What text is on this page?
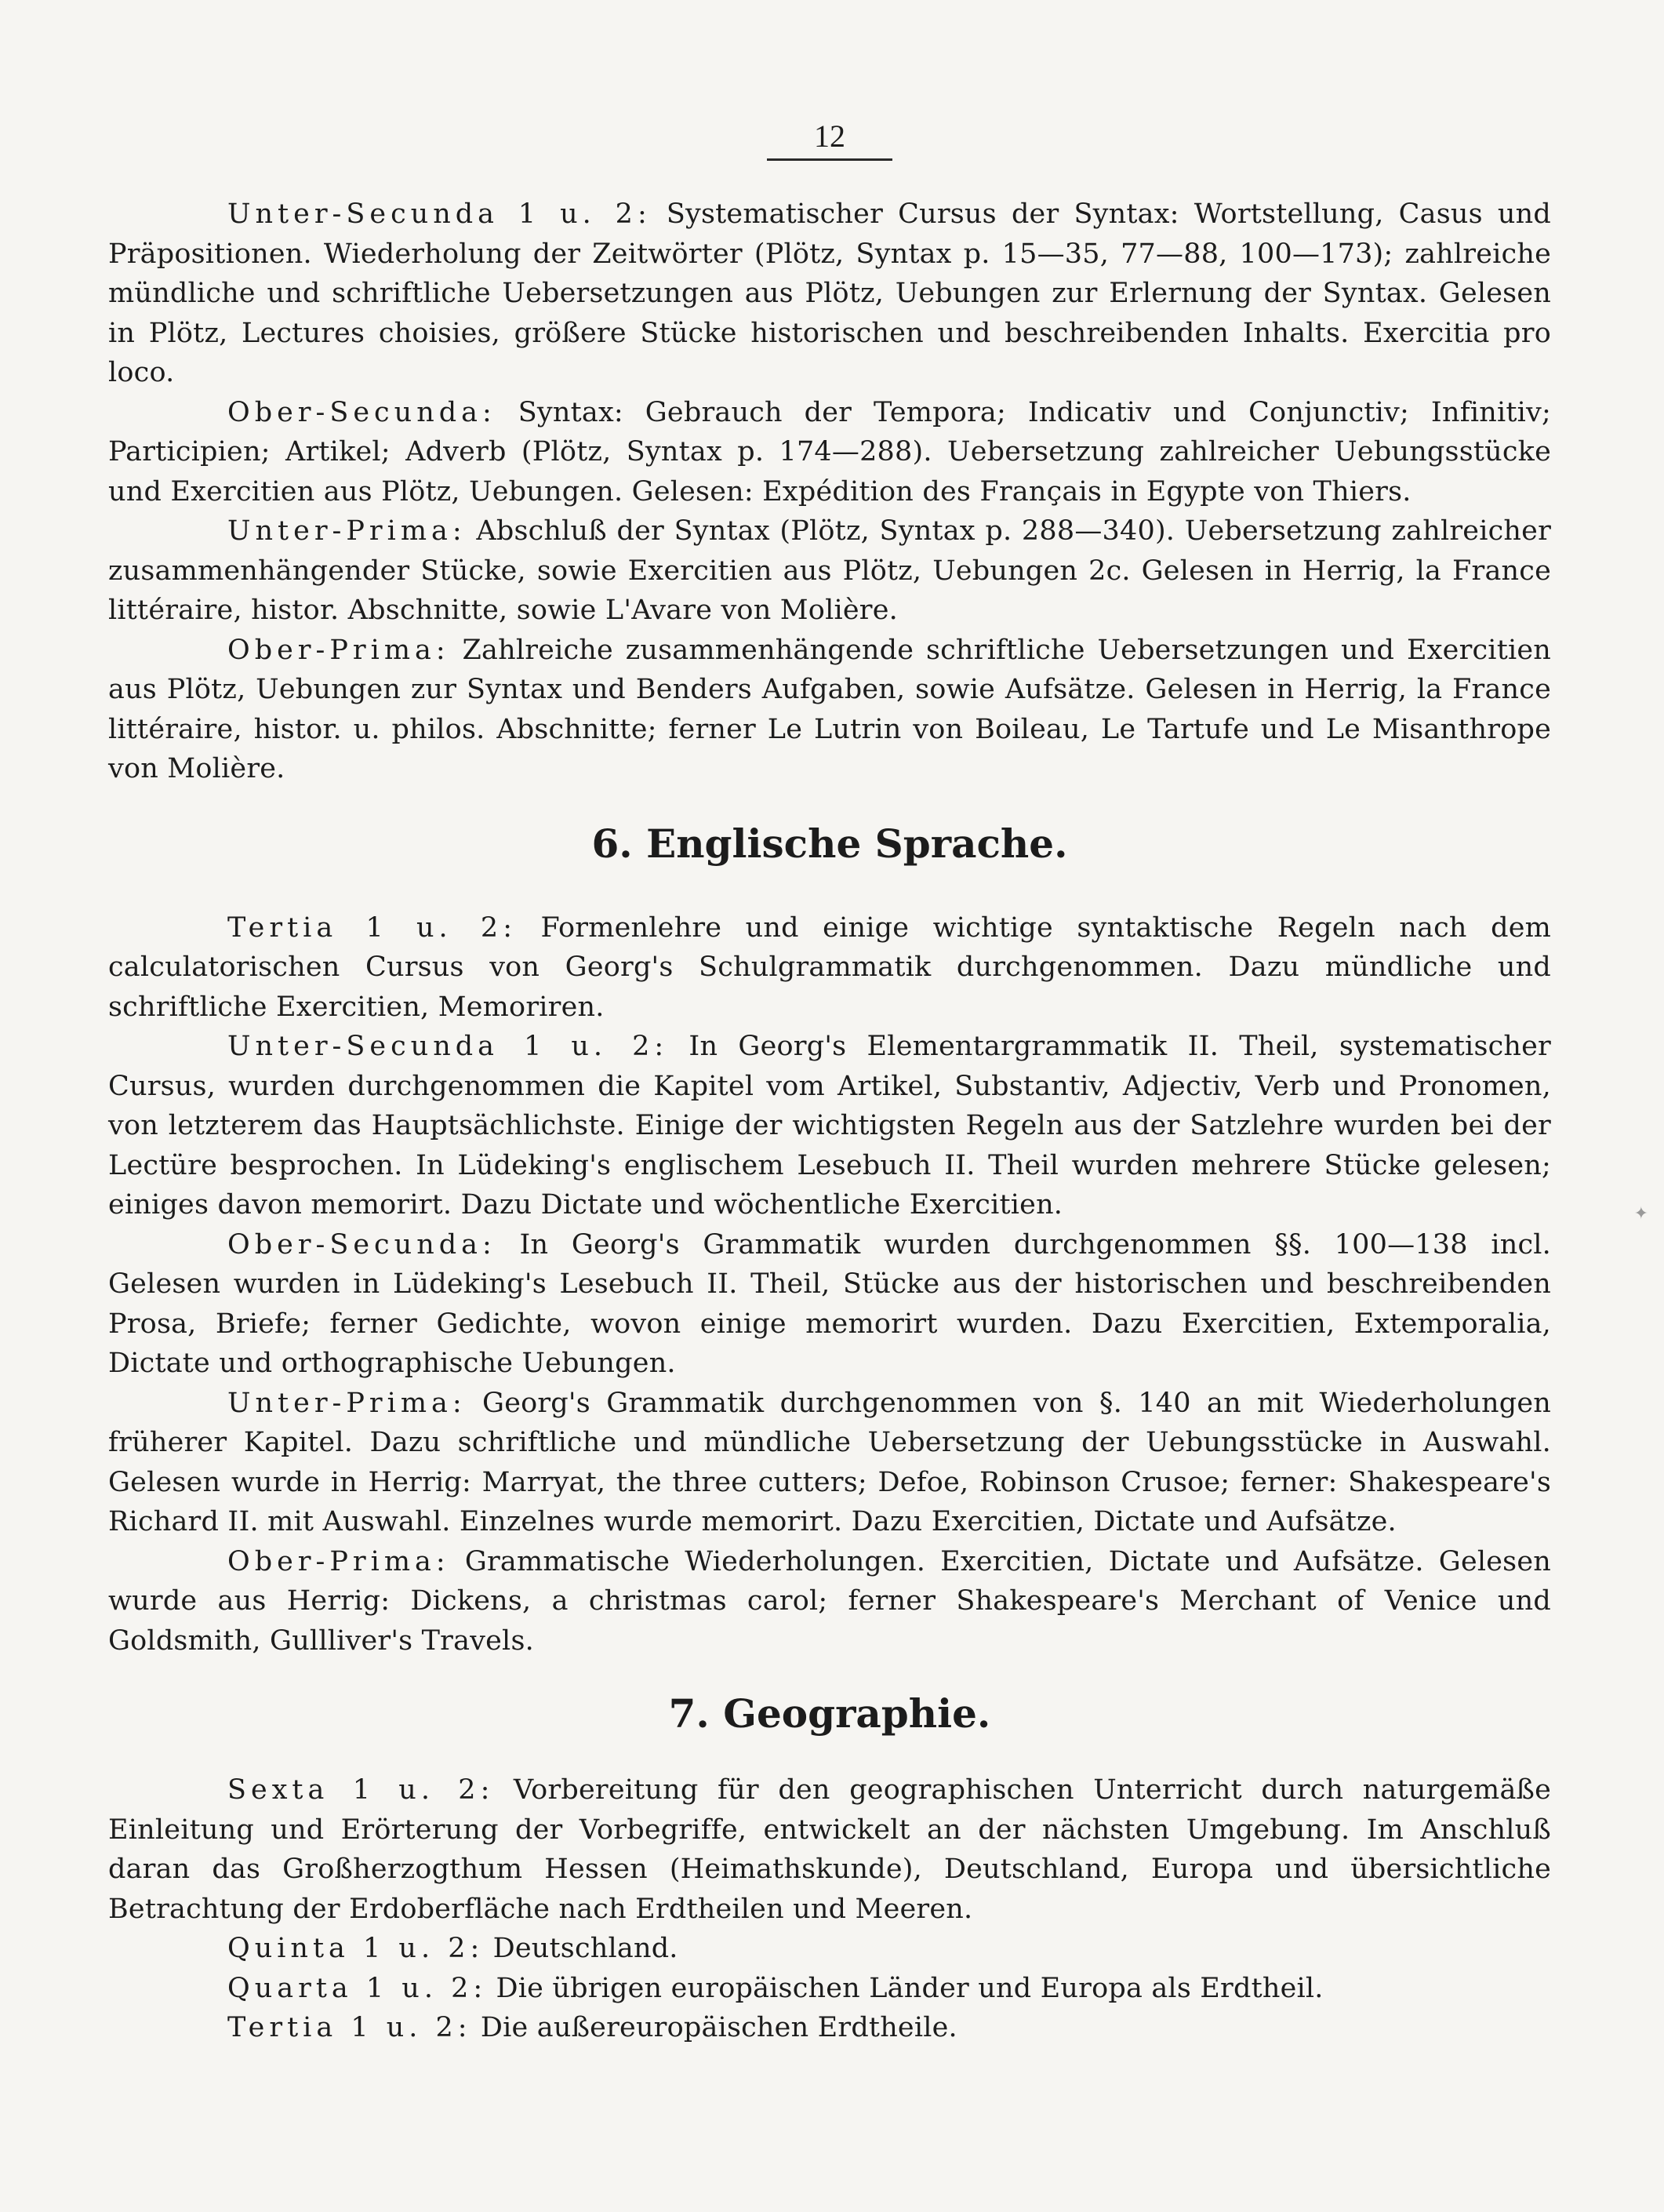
12

Unter-Secunda 1 u. 2: Systematischer Cursus der Syntax: Wortstellung, Casus und Präpositionen. Wiederholung der Zeitwörter (Plötz, Syntax p. 15—35, 77—88, 100—173); zahlreiche mündliche und schriftliche Uebersetzungen aus Plötz, Uebungen zur Erlernung der Syntax. Gelesen in Plötz, Lectures choisies, größere Stücke historischen und beschreibenden Inhalts. Exercitia pro loco.

Ober-Secunda: Syntax: Gebrauch der Tempora; Indicativ und Conjunctiv; Infinitiv; Participien; Artikel; Adverb (Plötz, Syntax p. 174—288). Uebersetzung zahlreicher Uebungsstücke und Exercitien aus Plötz, Uebungen. Gelesen: Expédition des Français in Egypte von Thiers.

Unter-Prima: Abschluß der Syntax (Plötz, Syntax p. 288—340). Uebersetzung zahlreicher zusammenhängender Stücke, sowie Exercitien aus Plötz, Uebungen 2c. Gelesen in Herrig, la France littéraire, histor. Abschnitte, sowie L'Avare von Molière.

Ober-Prima: Zahlreiche zusammenhängende schriftliche Uebersetzungen und Exercitien aus Plötz, Uebungen zur Syntax und Benders Aufgaben, sowie Aufsätze. Gelesen in Herrig, la France littéraire, histor. u. philos. Abschnitte; ferner Le Lutrin von Boileau, Le Tartufe und Le Misanthrope von Molière.

6. Englische Sprache.

Tertia 1 u. 2: Formenlehre und einige wichtige syntaktische Regeln nach dem calculatorischen Cursus von Georg's Schulgrammatik durchgenommen. Dazu mündliche und schriftliche Exercitien, Memoriren.

Unter-Secunda 1 u. 2: In Georg's Elementargrammatik II. Theil, systematischer Cursus, wurden durchgenommen die Kapitel vom Artikel, Substantiv, Adjectiv, Verb und Pronomen, von letzterem das Hauptsächlichste. Einige der wichtigsten Regeln aus der Satzlehre wurden bei der Lectüre besprochen. In Lüdeking's englischem Lesebuch II. Theil wurden mehrere Stücke gelesen; einiges davon memorirt. Dazu Dictate und wöchentliche Exercitien.

Ober-Secunda: In Georg's Grammatik wurden durchgenommen §§. 100—138 incl. Gelesen wurden in Lüdeking's Lesebuch II. Theil, Stücke aus der historischen und beschreibenden Prosa, Briefe; ferner Gedichte, wovon einige memorirt wurden. Dazu Exercitien, Extemporalia, Dictate und orthographische Uebungen.

Unter-Prima: Georg's Grammatik durchgenommen von §. 140 an mit Wiederholungen früherer Kapitel. Dazu schriftliche und mündliche Uebersetzung der Uebungsstücke in Auswahl. Gelesen wurde in Herrig: Marryat, the three cutters; Defoe, Robinson Crusoe; ferner: Shakespeare's Richard II. mit Auswahl. Einzelnes wurde memorirt. Dazu Exercitien, Dictate und Aufsätze.

Ober-Prima: Grammatische Wiederholungen. Exercitien, Dictate und Aufsätze. Gelesen wurde aus Herrig: Dickens, a christmas carol; ferner Shakespeare's Merchant of Venice und Goldsmith, Gullliver's Travels.

7. Geographie.

Sexta 1 u. 2: Vorbereitung für den geographischen Unterricht durch naturgemäße Einleitung und Erörterung der Vorbegriffe, entwickelt an der nächsten Umgebung. Im Anschluß daran das Großherzogthum Hessen (Heimathskunde), Deutschland, Europa und übersichtliche Betrachtung der Erdoberfläche nach Erdtheilen und Meeren.

Quinta 1 u. 2: Deutschland.

Quarta 1 u. 2: Die übrigen europäischen Länder und Europa als Erdtheil.

Tertia 1 u. 2: Die außereuropäischen Erdtheile.

✦
